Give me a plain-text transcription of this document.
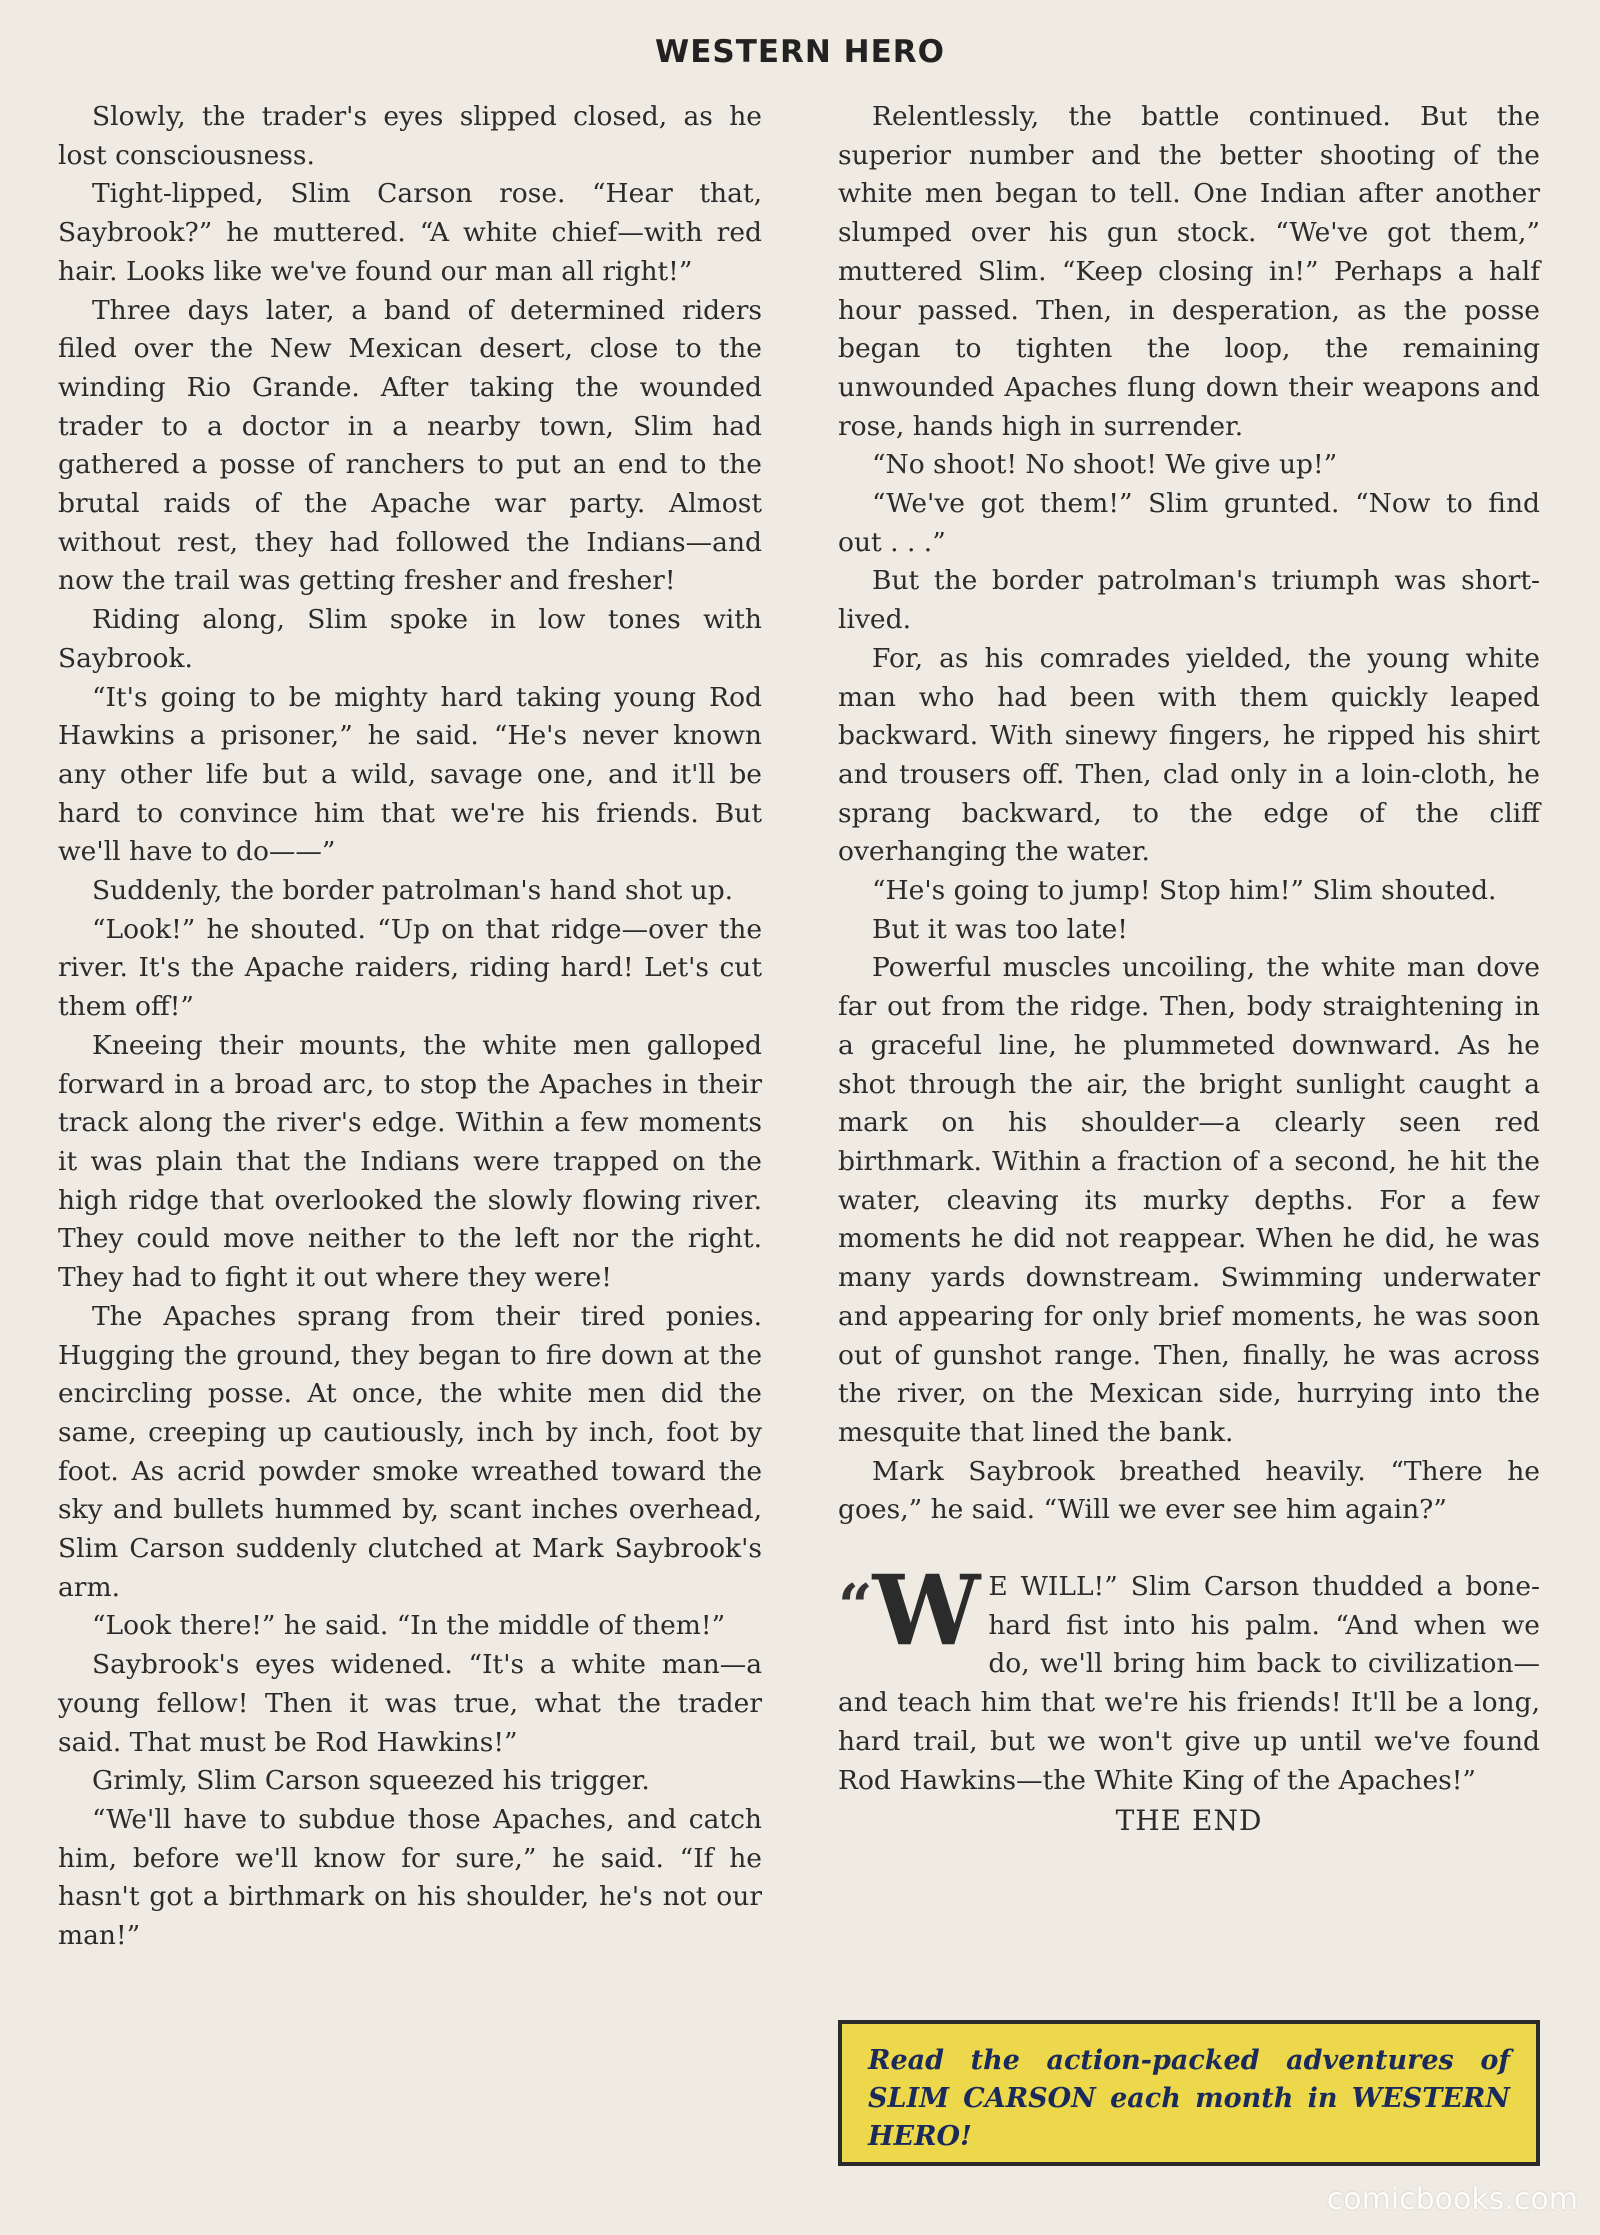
WESTERN HERO

Slowly, the trader's eyes slipped closed, as he lost consciousness.

Tight-lipped, Slim Carson rose. “Hear that, Saybrook?” he muttered. “A white chief—with red hair. Looks like we've found our man all right!”

Three days later, a band of determined riders filed over the New Mexican desert, close to the winding Rio Grande. After taking the wounded trader to a doctor in a nearby town, Slim had gathered a posse of ranchers to put an end to the brutal raids of the Apache war party. Almost without rest, they had followed the Indians—and now the trail was getting fresher and fresher!

Riding along, Slim spoke in low tones with Saybrook.

“It's going to be mighty hard taking young Rod Hawkins a prisoner,” he said. “He's never known any other life but a wild, savage one, and it'll be hard to convince him that we're his friends. But we'll have to do——”

Suddenly, the border patrolman's hand shot up.

“Look!” he shouted. “Up on that ridge—over the river. It's the Apache raiders, riding hard! Let's cut them off!”

Kneeing their mounts, the white men galloped forward in a broad arc, to stop the Apaches in their track along the river's edge. Within a few moments it was plain that the Indians were trapped on the high ridge that overlooked the slowly flowing river. They could move neither to the left nor the right. They had to fight it out where they were!

The Apaches sprang from their tired ponies. Hugging the ground, they began to fire down at the encircling posse. At once, the white men did the same, creeping up cautiously, inch by inch, foot by foot. As acrid powder smoke wreathed toward the sky and bullets hummed by, scant inches overhead, Slim Carson suddenly clutched at Mark Saybrook's arm.

“Look there!” he said. “In the middle of them!”

Saybrook's eyes widened. “It's a white man—a young fellow! Then it was true, what the trader said. That must be Rod Hawkins!”

Grimly, Slim Carson squeezed his trigger.

“We'll have to subdue those Apaches, and catch him, before we'll know for sure,” he said. “If he hasn't got a birthmark on his shoulder, he's not our man!”

Relentlessly, the battle continued. But the superior number and the better shooting of the white men began to tell. One Indian after another slumped over his gun stock. “We've got them,” muttered Slim. “Keep closing in!” Perhaps a half hour passed. Then, in desperation, as the posse began to tighten the loop, the remaining unwounded Apaches flung down their weapons and rose, hands high in surrender.

“No shoot! No shoot! We give up!”

“We've got them!” Slim grunted. “Now to find out . . .”

But the border patrolman's triumph was short-lived.

For, as his comrades yielded, the young white man who had been with them quickly leaped backward. With sinewy fingers, he ripped his shirt and trousers off. Then, clad only in a loin-cloth, he sprang backward, to the edge of the cliff overhanging the water.

“He's going to jump! Stop him!” Slim shouted.

But it was too late!

Powerful muscles uncoiling, the white man dove far out from the ridge. Then, body straightening in a graceful line, he plummeted downward. As he shot through the air, the bright sunlight caught a mark on his shoulder—a clearly seen red birthmark. Within a fraction of a second, he hit the water, cleaving its murky depths. For a few moments he did not reappear. When he did, he was many yards downstream. Swimming underwater and appearing for only brief moments, he was soon out of gunshot range. Then, finally, he was across the river, on the Mexican side, hurrying into the mesquite that lined the bank.

Mark Saybrook breathed heavily. “There he goes,” he said. “Will we ever see him again?”

“ W E WILL!” Slim Carson thudded a bone-hard fist into his palm. “And when we do, we'll bring him back to civilization—and teach him that we're his friends! It'll be a long, hard trail, but we won't give up until we've found Rod Hawkins—the White King of the Apaches!”

THE END

Read the action-packed adventures of SLIM CARSON each month in WESTERN HERO!
comicbooks.com
